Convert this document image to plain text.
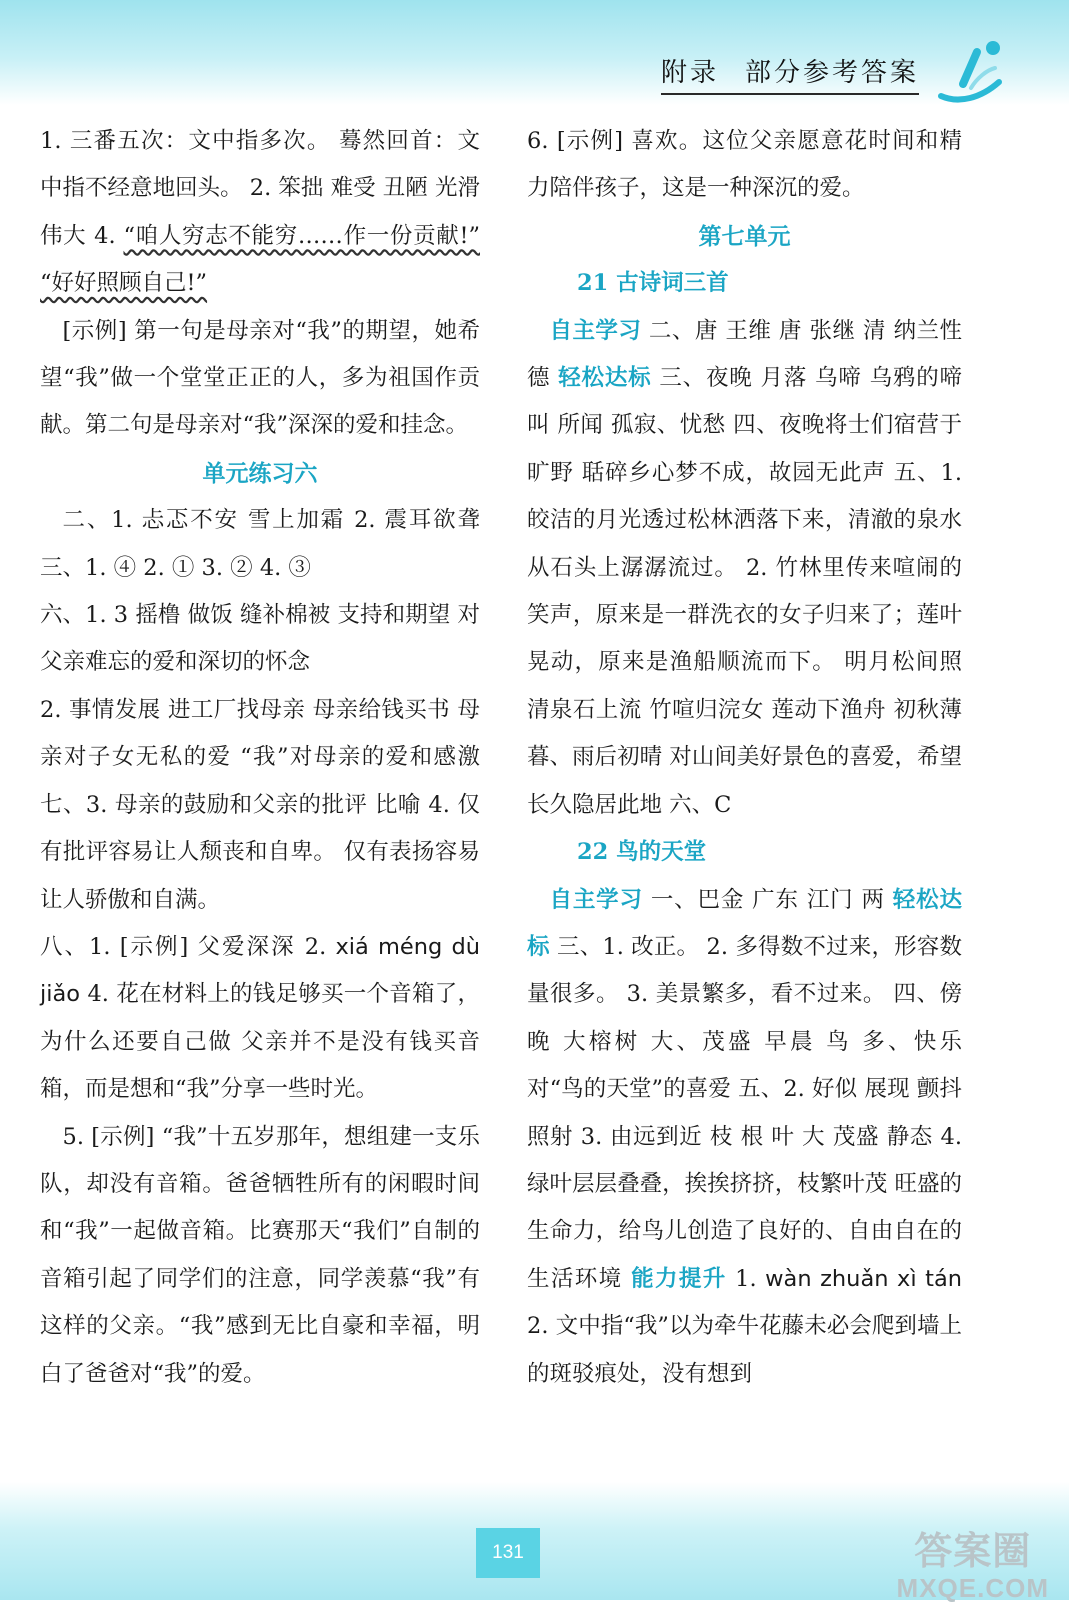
附录 部分参考答案

1. 三番五次：文中指多次。 蓦然回首：文中指不经意地回头。 2. 笨拙 难受 丑陋 光滑 伟大 4. “咱人穷志不能穷……作一份贡献!” “好好照顾自己!”

[示例] 第一句是母亲对“我”的期望，她希望“我”做一个堂堂正正的人，多为祖国作贡献。第二句是母亲对“我”深深的爱和挂念。

单元练习六

二、1. 忐忑不安 雪上加霜 2. 震耳欲聋 三、1. ④ 2. ① 3. ② 4. ③

六、1. 3 摇橹 做饭 缝补棉被 支持和期望 对父亲难忘的爱和深切的怀念

2. 事情发展 进工厂找母亲 母亲给钱买书 母亲对子女无私的爱 “我”对母亲的爱和感激 七、3. 母亲的鼓励和父亲的批评 比喻 4. 仅有批评容易让人颓丧和自卑。 仅有表扬容易让人骄傲和自满。

八、1. [示例] 父爱深深 2. xiá méng dù jiǎo 4. 花在材料上的钱足够买一个音箱了，为什么还要自己做 父亲并不是没有钱买音箱，而是想和“我”分享一些时光。

5. [示例] “我”十五岁那年，想组建一支乐队，却没有音箱。爸爸牺牲所有的闲暇时间和“我”一起做音箱。比赛那天“我们”自制的音箱引起了同学们的注意，同学羡慕“我”有这样的父亲。“我”感到无比自豪和幸福，明白了爸爸对“我”的爱。

6. [示例] 喜欢。这位父亲愿意花时间和精力陪伴孩子，这是一种深沉的爱。

第七单元

21 古诗词三首

自主学习 二、唐 王维 唐 张继 清 纳兰性德 轻松达标 三、夜晚 月落 乌啼 乌鸦的啼叫 所闻 孤寂、忧愁 四、夜晚将士们宿营于旷野 聒碎乡心梦不成，故园无此声 五、1. 皎洁的月光透过松林洒落下来，清澈的泉水从石头上潺潺流过。 2. 竹林里传来喧闹的笑声，原来是一群洗衣的女子归来了；莲叶晃动，原来是渔船顺流而下。 明月松间照 清泉石上流 竹喧归浣女 莲动下渔舟 初秋薄暮、雨后初晴 对山间美好景色的喜爱，希望长久隐居此地 六、C

22 鸟的天堂

自主学习 一、巴金 广东 江门 两 轻松达标 三、1. 改正。 2. 多得数不过来，形容数量很多。 3. 美景繁多，看不过来。 四、傍晚 大榕树 大、茂盛 早晨 鸟 多、快乐 对“鸟的天堂”的喜爱 五、2. 好似 展现 颤抖 照射 3. 由远到近 枝 根 叶 大 茂盛 静态 4. 绿叶层层叠叠，挨挨挤挤，枝繁叶茂 旺盛的生命力，给鸟儿创造了良好的、自由自在的生活环境 能力提升 1. wàn zhuǎn xì tán 2. 文中指“我”以为牵牛花藤未必会爬到墙上的斑驳痕处，没有想到

131	答案圈
MXQE.COM
